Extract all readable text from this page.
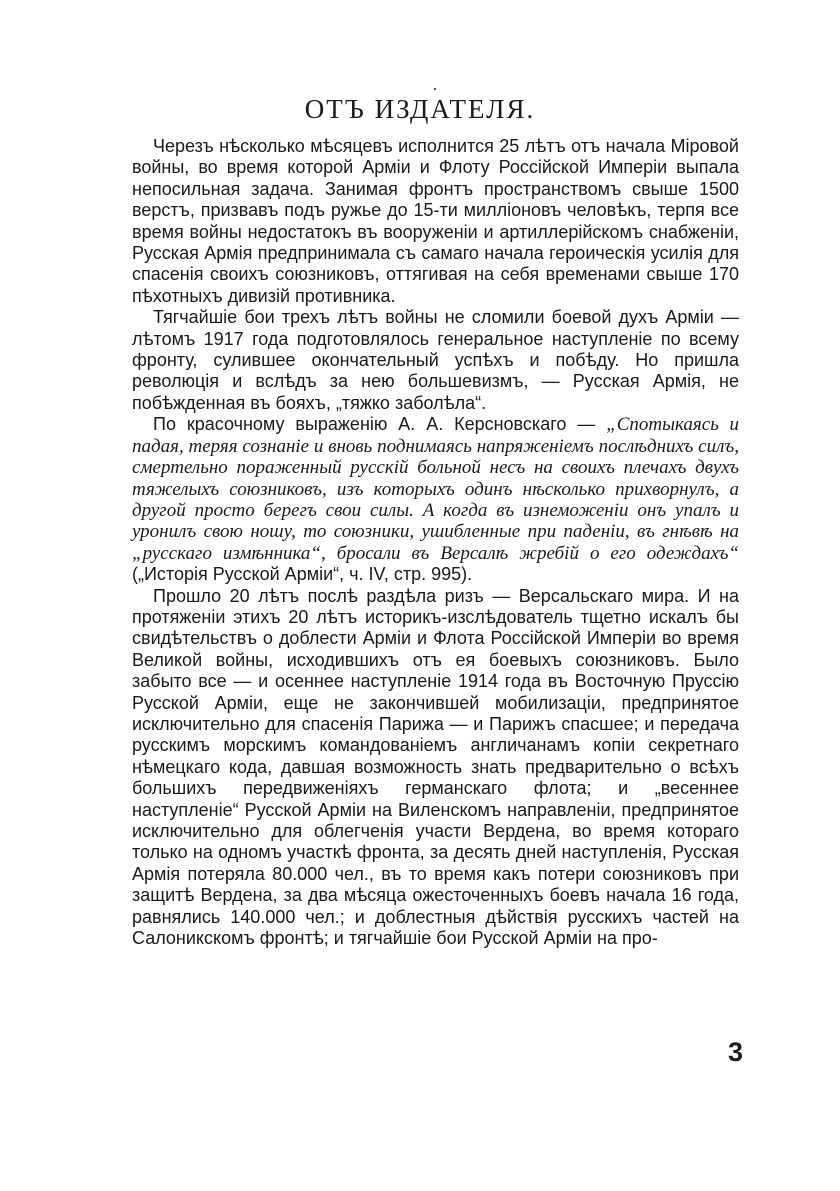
ОТЪ ИЗДАТЕЛЯ.

Черезъ нѣсколько мѣсяцевъ исполнится 25 лѣтъ отъ начала Мiровой войны, во время которой Арміи и Флоту Россійской Имперіи выпала непосильная задача. Занимая фронтъ пространствомъ свыше 1500 верстъ, призвавъ подъ ружье до 15-ти милліоновъ человѣкъ, терпя все время войны недостатокъ въ вооруженіи и артиллерійскомъ снабженіи, Русская Армія предпринимала съ самаго начала героическія усилія для спасенія своихъ союзниковъ, оттягивая на себя временами свыше 170 пѣхотныхъ дивизій противника.

Тягчайшіе бои трехъ лѣтъ войны не сломили боевой духъ Арміи — лѣтомъ 1917 года подготовлялось генеральное наступленіе по всему фронту, сулившее окончательный успѣхъ и побѣду. Но пришла революція и вслѣдъ за нею большевизмъ, — Русская Армія, не побѣжденная въ бояхъ, „тяжко заболѣла“.

По красочному выраженію А. А. Керсновскаго — „Спотыкаясь и падая, теряя сознаніе и вновь поднимаясь напряженіемъ послѣднихъ силъ, смертельно пораженный русскій больной несъ на своихъ плечахъ двухъ тяжелыхъ союзниковъ, изъ которыхъ одинъ нѣсколько прихворнулъ, а другой просто берегъ свои силы. А когда въ изнеможеніи онъ упалъ и уронилъ свою ношу, то союзники, ушибленные при паденіи, въ гнѣвѣ на „русскаго измѣнника“, бросали въ Версалѣ жребій о его одеждахъ“ („Исторія Русской Арміи“, ч. IV, стр. 995).

Прошло 20 лѣтъ послѣ раздѣла ризъ — Версальскаго мира. И на протяженіи этихъ 20 лѣтъ историкъ-изслѣдователь тщетно искалъ бы свидѣтельствъ о доблести Арміи и Флота Россійской Имперіи во время Великой войны, исходившихъ отъ ея боевыхъ союзниковъ. Было забыто все — и осеннее наступленіе 1914 года въ Восточную Пруссію Русской Арміи, еще не закончившей мобилизаціи, предпринятое исключительно для спасенія Парижа — и Парижъ спасшее; и передача русскимъ морскимъ командованіемъ англичанамъ копіи секретнаго нѣмецкаго кода, давшая возможность знать предварительно о всѣхъ большихъ передвиженіяхъ германскаго флота; и „весеннее наступленіе“ Русской Арміи на Виленскомъ направленіи, предпринятое исключительно для облегченія участи Вердена, во время котораго только на одномъ участкѣ фронта, за десять дней наступленія, Русская Армія потеряла 80.000 чел., въ то время какъ потери союзниковъ при защитѣ Вердена, за два мѣсяца ожесточенныхъ боевъ начала 16 года, равнялись 140.000 чел.; и доблестныя дѣйствія русскихъ частей на Салоникскомъ фронтѣ; и тягчайшіе бои Русской Арміи на про-

3
